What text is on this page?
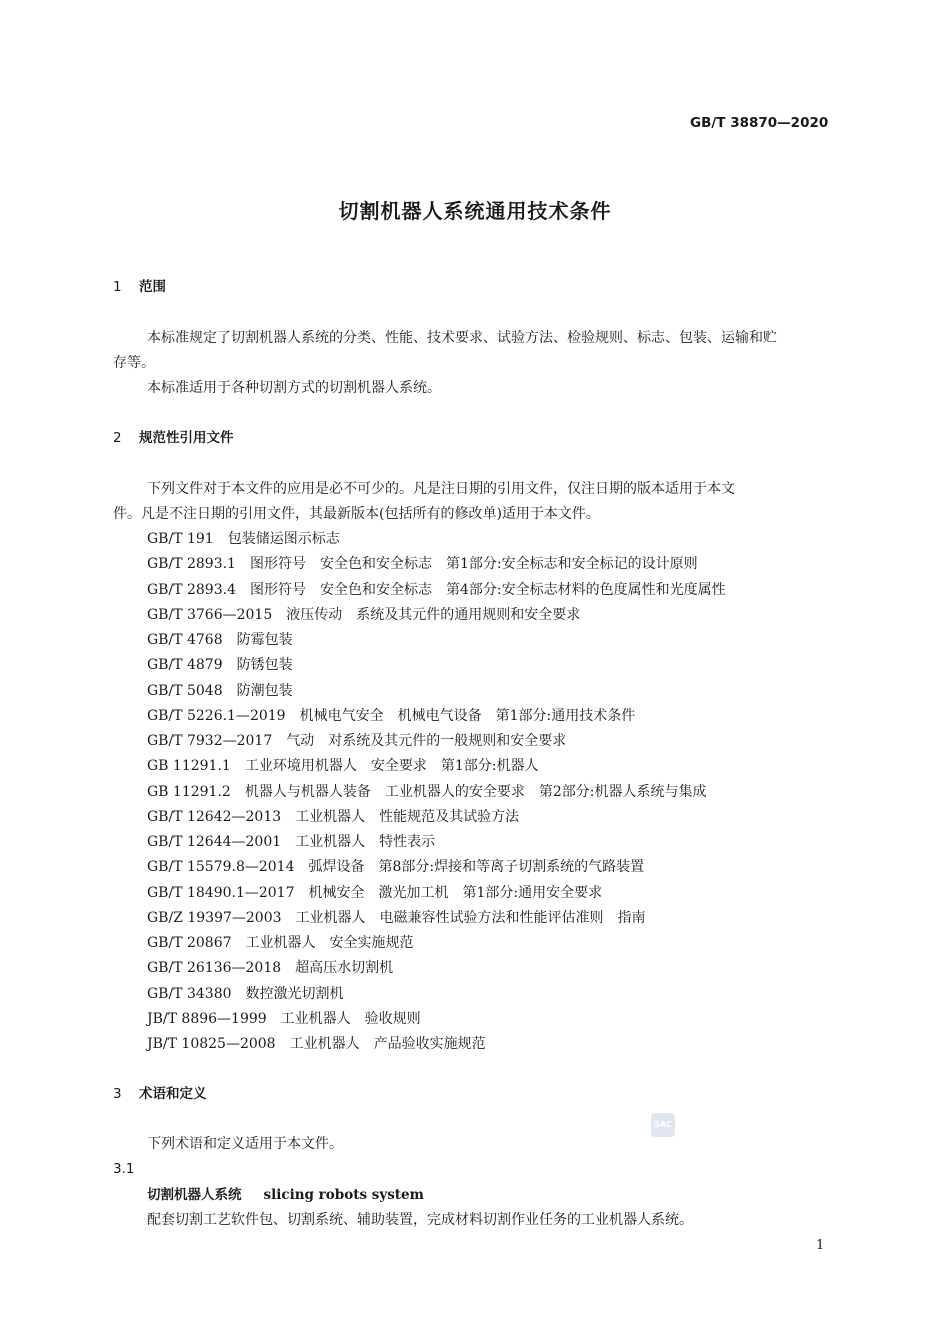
GB/T 38870—2020
切割机器人系统通用技术条件
1 范围
本标准规定了切割机器人系统的分类、性能、技术要求、试验方法、检验规则、标志、包装、运输和贮
存等。
本标准适用于各种切割方式的切割机器人系统。
2 规范性引用文件
下列文件对于本文件的应用是必不可少的。凡是注日期的引用文件，仅注日期的版本适用于本文
件。凡是不注日期的引用文件，其最新版本(包括所有的修改单)适用于本文件。
GB/T 191　包装储运图示标志
GB/T 2893.1　图形符号　安全色和安全标志　第1部分:安全标志和安全标记的设计原则
GB/T 2893.4　图形符号　安全色和安全标志　第4部分:安全标志材料的色度属性和光度属性
GB/T 3766—2015　液压传动　系统及其元件的通用规则和安全要求
GB/T 4768　防霉包装
GB/T 4879　防锈包装
GB/T 5048　防潮包装
GB/T 5226.1—2019　机械电气安全　机械电气设备　第1部分:通用技术条件
GB/T 7932—2017　气动　对系统及其元件的一般规则和安全要求
GB 11291.1　工业环境用机器人　安全要求　第1部分:机器人
GB 11291.2　机器人与机器人装备　工业机器人的安全要求　第2部分:机器人系统与集成
GB/T 12642—2013　工业机器人　性能规范及其试验方法
GB/T 12644—2001　工业机器人　特性表示
GB/T 15579.8—2014　弧焊设备　第8部分:焊接和等离子切割系统的气路装置
GB/T 18490.1—2017　机械安全　激光加工机　第1部分:通用安全要求
GB/Z 19397—2003　工业机器人　电磁兼容性试验方法和性能评估准则　指南
GB/T 20867　工业机器人　安全实施规范
GB/T 26136—2018　超高压水切割机
GB/T 34380　数控激光切割机
JB/T 8896—1999　工业机器人　验收规则
JB/T 10825—2008　工业机器人　产品验收实施规范
3 术语和定义
SAC
下列术语和定义适用于本文件。
3.1
切割机器人系统 slicing robots system
配套切割工艺软件包、切割系统、辅助装置，完成材料切割作业任务的工业机器人系统。
1
